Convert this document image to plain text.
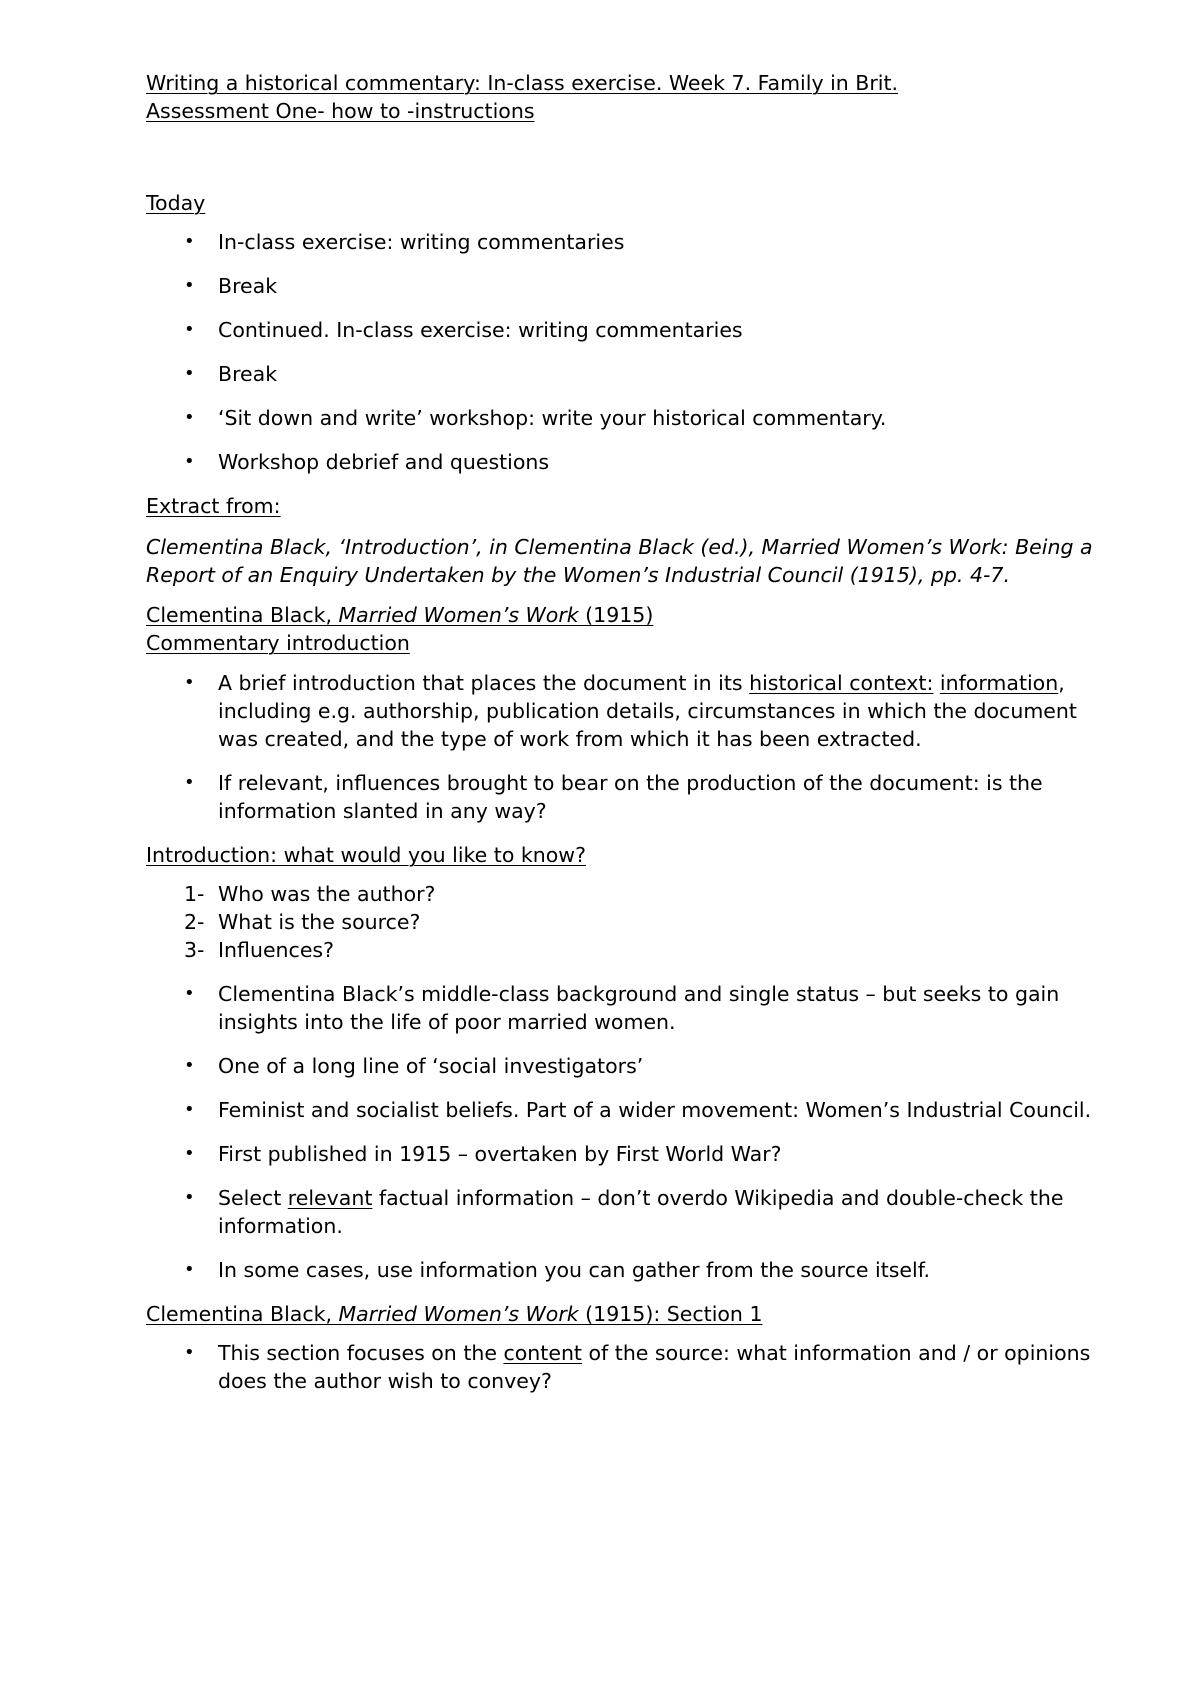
Writing a historical commentary: In-class exercise. Week 7. Family in Brit.

Assessment One- how to -instructions

Today

• In-class exercise: writing commentaries
• Break
• Continued. In-class exercise: writing commentaries
• Break
• ‘Sit down and write’ workshop: write your historical commentary.
• Workshop debrief and questions

Extract from:

Clementina Black, ‘Introduction’, in Clementina Black (ed.), Married Women’s Work: Being a Report of an Enquiry Undertaken by the Women’s Industrial Council (1915), pp. 4-7.

Clementina Black, Married Women’s Work (1915)

Commentary introduction

• A brief introduction that places the document in its historical context: information, including e.g. authorship, publication details, circumstances in which the document was created, and the type of work from which it has been extracted.
• If relevant, influences brought to bear on the production of the document: is the information slanted in any way?

Introduction: what would you like to know?

1- Who was the author?
2- What is the source?
3- Influences?
• Clementina Black’s middle-class background and single status – but seeks to gain insights into the life of poor married women.
• One of a long line of ‘social investigators’
• Feminist and socialist beliefs. Part of a wider movement: Women’s Industrial Council.
• First published in 1915 – overtaken by First World War?
• Select relevant factual information – don’t overdo Wikipedia and double-check the information.
• In some cases, use information you can gather from the source itself.

Clementina Black, Married Women’s Work (1915): Section 1

• This section focuses on the content of the source: what information and / or opinions does the author wish to convey?
